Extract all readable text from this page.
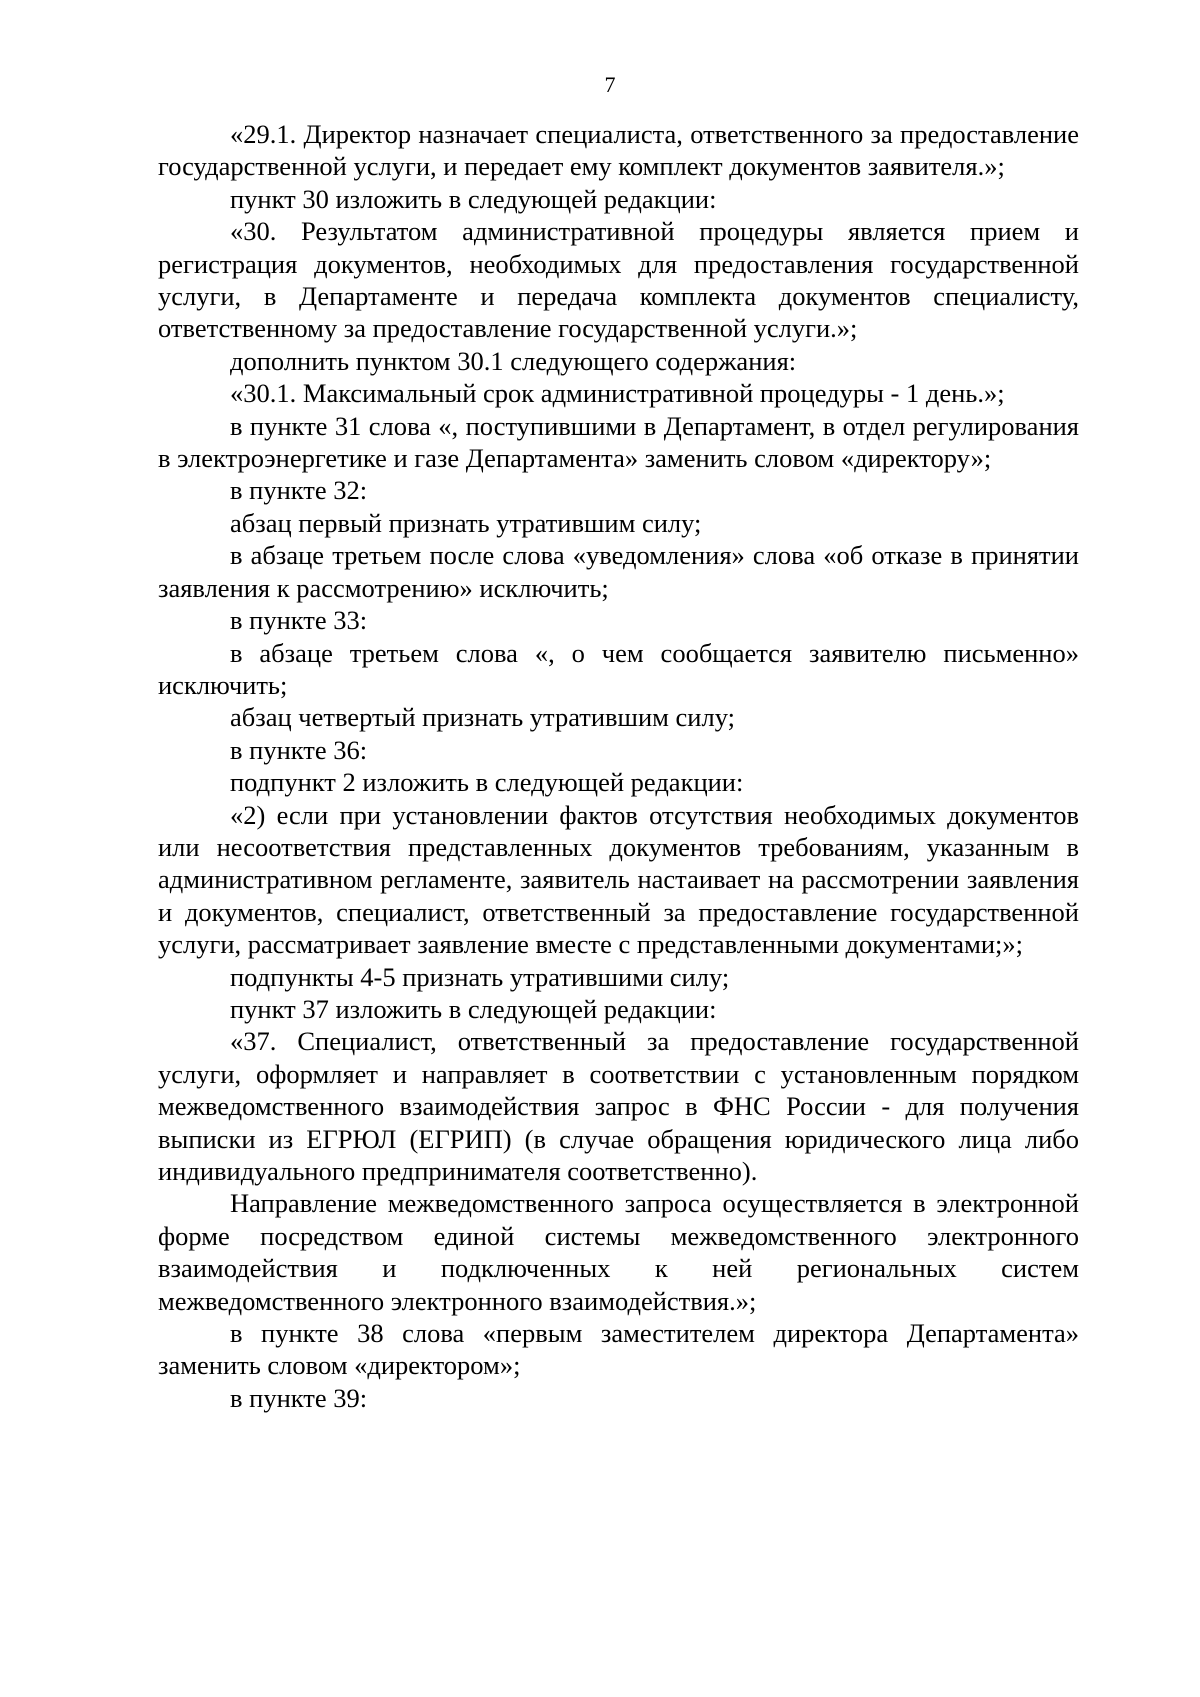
7

«29.1. Директор назначает специалиста, ответственного за предоставление государственной услуги, и передает ему комплект документов заявителя.»;

пункт 30 изложить в следующей редакции:

«30. Результатом административной процедуры является прием и регистрация документов, необходимых для предоставления государственной услуги, в Департаменте и передача комплекта документов специалисту, ответственному за предоставление государственной услуги.»;

дополнить пунктом 30.1 следующего содержания:

«30.1. Максимальный срок административной процедуры - 1 день.»;

в пункте 31 слова «, поступившими в Департамент, в отдел регулирования в электроэнергетике и газе Департамента» заменить словом «директору»;

в пункте 32:

абзац первый признать утратившим силу;

в абзаце третьем после слова «уведомления» слова «об отказе в принятии заявления к рассмотрению» исключить;

в пункте 33:

в абзаце третьем слова «, о чем сообщается заявителю письменно» исключить;

абзац четвертый признать утратившим силу;

в пункте 36:

подпункт 2 изложить в следующей редакции:

«2) если при установлении фактов отсутствия необходимых документов или несоответствия представленных документов требованиям, указанным в административном регламенте, заявитель настаивает на рассмотрении заявления и документов, специалист, ответственный за предоставление государственной услуги, рассматривает заявление вместе с представленными документами;»;

подпункты 4-5 признать утратившими силу;

пункт 37 изложить в следующей редакции:

«37. Специалист, ответственный за предоставление государственной услуги, оформляет и направляет в соответствии с установленным порядком межведомственного взаимодействия запрос в ФНС России - для получения выписки из ЕГРЮЛ (ЕГРИП) (в случае обращения юридического лица либо индивидуального предпринимателя соответственно).

Направление межведомственного запроса осуществляется в электронной форме посредством единой системы межведомственного электронного взаимодействия и подключенных к ней региональных систем межведомственного электронного взаимодействия.»;

в пункте 38 слова «первым заместителем директора Департамента» заменить словом «директором»;

в пункте 39:
